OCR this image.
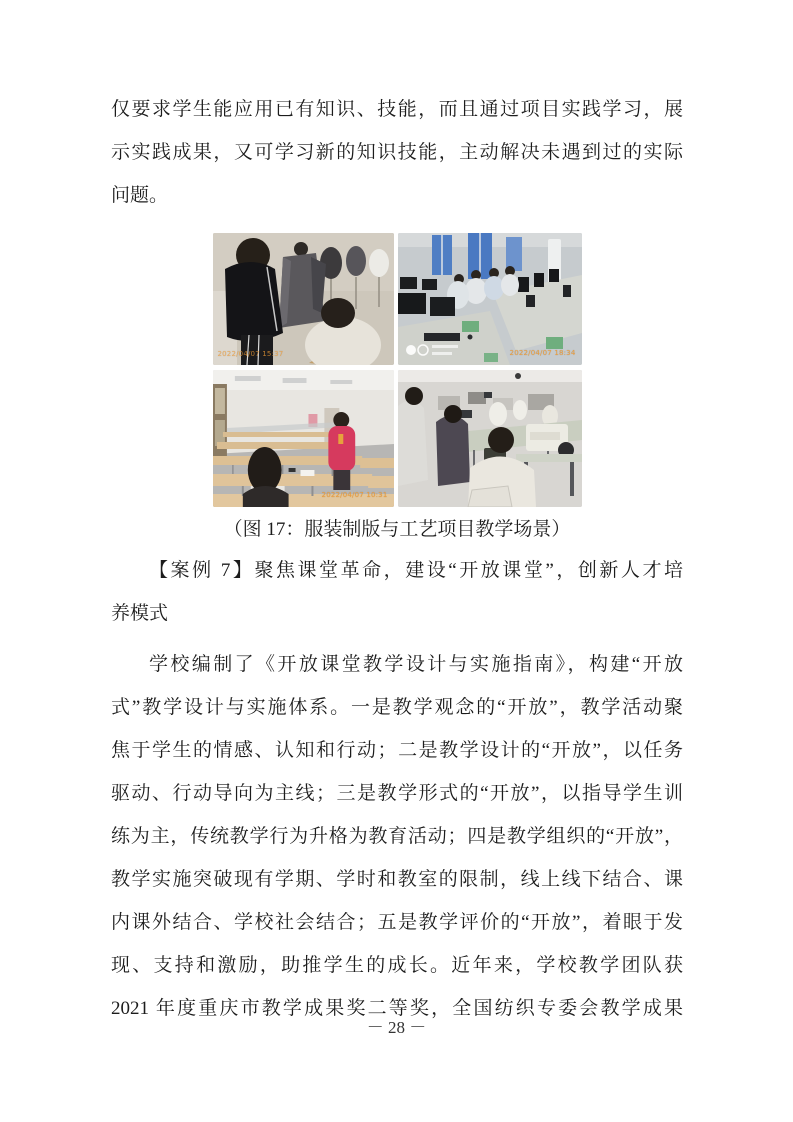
仅要求学生能应用已有知识、技能，而且通过项目实践学习，展
示实践成果，又可学习新的知识技能，主动解决未遇到过的实际
问题。
2022/04/07 15:37	2022/04/07 18:34
2022/04/07 10:31
（图 17：服装制版与工艺项目教学场景）
【案例 7】聚焦课堂革命，建设“开放课堂”，创新人才培
养模式
学校编制了《开放课堂教学设计与实施指南》，构建“开放
式”教学设计与实施体系。一是教学观念的“开放”，教学活动聚
焦于学生的情感、认知和行动；二是教学设计的“开放”，以任务
驱动、行动导向为主线；三是教学形式的“开放”，以指导学生训
练为主，传统教学行为升格为教育活动；四是教学组织的“开放”，
教学实施突破现有学期、学时和教室的限制，线上线下结合、课
内课外结合、学校社会结合；五是教学评价的“开放”，着眼于发
现、支持和激励，助推学生的成长。近年来，学校教学团队获
2021 年度重庆市教学成果奖二等奖，全国纺织专委会教学成果
－ 28 －
